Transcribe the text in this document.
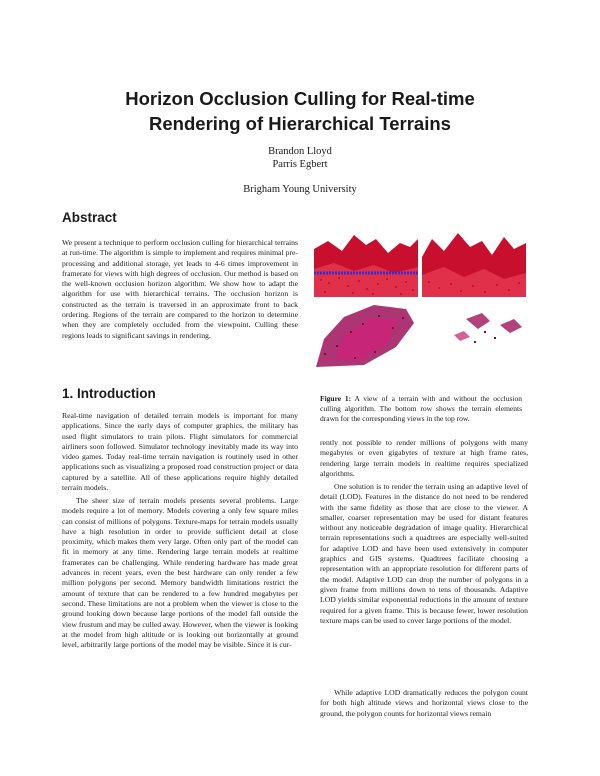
Horizon Occlusion Culling for Real-time
Rendering of Hierarchical Terrains
Brandon Lloyd
Parris Egbert
Brigham Young University
Abstract

We present a technique to perform occlusion culling for hierarchical terrains at run-time. The algorithm is simple to implement and requires minimal pre-processing and additional storage, yet leads to 4-6 times improvement in framerate for views with high degrees of occlusion. Our method is based on the well-known occlusion horizon algorithm. We show how to adapt the algorithm for use with hierarchical terrains. The occlusion horizon is constructed as the terrain is traversed in an approximate front to back ordering. Regions of the terrain are compared to the horizon to determine when they are completely occluded from the viewpoint. Culling these regions leads to significant savings in rendering.

1. Introduction

Real-time navigation of detailed terrain models is important for many applications. Since the early days of computer graphics, the military has used flight simulators to train pilots. Flight simulators for commercial airliners soon followed. Simulator technology inevitably made its way into video games. Today real-time terrain navigation is routinely used in other applications such as visualizing a proposed road construction project or data captured by a satellite. All of these applications require highly detailed terrain models.

The sheer size of terrain models presents several problems. Large models require a lot of memory. Models covering a only few square miles can consist of millions of polygons. Texture-maps for terrain models usually have a high resolution in order to provide sufficient detail at close proximity, which makes them very large. Often only part of the model can fit in memory at any time. Rendering large terrain models at realtime framerates can be challenging. While rendering hardware has made great advances in recent years, even the best hardware can only render a few million polygons per second. Memory bandwidth limitations restrict the amount of texture that can be rendered to a few hundred megabytes per second. These limitations are not a problem when the viewer is close to the ground looking down because large portions of the model fall outside the view frustum and may be culled away. However, when the viewer is looking at the model from high altitude or is looking out horizontally at ground level, arbitrarily large portions of the model may be visible. Since it is cur-

Figure 1: A view of a terrain with and without the occlusion culling algorithm. The bottom row shows the terrain elements drawn for the corresponding views in the top row.

rently not possible to render millions of polygons with many megabytes or even gigabytes of texture at high frame rates, rendering large terrain models in realtime requires specialized algorithms.

One solution is to render the terrain using an adaptive level of detail (LOD). Features in the distance do not need to be rendered with the same fidelity as those that are close to the viewer. A smaller, coarser representation may be used for distant features without any noticeable degradation of image quality. Hierarchical terrain representations such a quadtrees are especially well-suited for adaptive LOD and have been used extensively in computer graphics and GIS systems. Quadtrees facilitate choosing a representation with an appropriate resolution for different parts of the model. Adaptive LOD can drop the number of polygons in a given frame from millions down to tens of thousands. Adaptive LOD yields similar exponential reductions in the amount of texture required for a given frame. This is because fewer, lower resolution texture maps can be used to cover large portions of the model.

While adaptive LOD dramatically reduces the polygon count for both high altitude views and horizontal views close to the ground, the polygon counts for horizontal views remain
